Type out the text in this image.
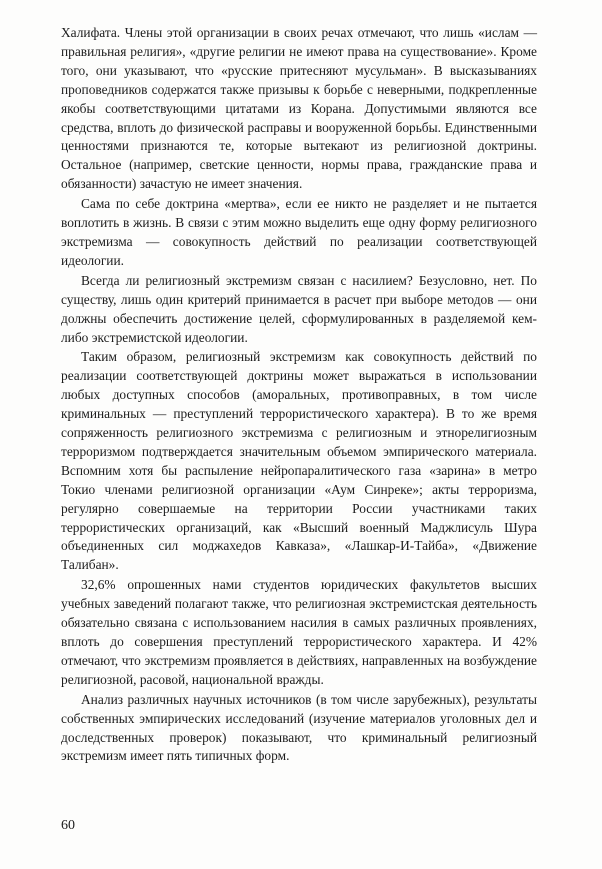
Халифата. Члены этой организации в своих речах отмечают, что лишь «ислам — правильная религия», «другие религии не имеют права на существование». Кроме того, они указывают, что «русские притесняют мусульман». В высказываниях проповедников содержатся также призывы к борьбе с неверными, подкрепленные якобы соответствующими цитатами из Корана. Допустимыми являются все средства, вплоть до физической расправы и вооруженной борьбы. Единственными ценностями признаются те, которые вытекают из религиозной доктрины. Остальное (например, светские ценности, нормы права, гражданские права и обязанности) зачастую не имеет значения.

Сама по себе доктрина «мертва», если ее никто не разделяет и не пытается воплотить в жизнь. В связи с этим можно выделить еще одну форму религиозного экстремизма — совокупность действий по реализации соответствующей идеологии.

Всегда ли религиозный экстремизм связан с насилием? Безусловно, нет. По существу, лишь один критерий принимается в расчет при выборе методов — они должны обеспечить достижение целей, сформулированных в разделяемой кем-либо экстремистской идеологии.

Таким образом, религиозный экстремизм как совокупность действий по реализации соответствующей доктрины может выражаться в использовании любых доступных способов (аморальных, противоправных, в том числе криминальных — преступлений террористического характера). В то же время сопряженность религиозного экстремизма с религиозным и этнорелигиозным терроризмом подтверждается значительным объемом эмпирического материала. Вспомним хотя бы распыление нейропаралитического газа «зарина» в метро Токио членами религиозной организации «Аум Синреке»; акты терроризма, регулярно совершаемые на территории России участниками таких террористических организаций, как «Высший военный Маджлисуль Шура объединенных сил моджахедов Кавказа», «Лашкар-И-Тайба», «Движение Талибан».

32,6% опрошенных нами студентов юридических факультетов высших учебных заведений полагают также, что религиозная экстремистская деятельность обязательно связана с использованием насилия в самых различных проявлениях, вплоть до совершения преступлений террористического характера. И 42% отмечают, что экстремизм проявляется в действиях, направленных на возбуждение религиозной, расовой, национальной вражды.

Анализ различных научных источников (в том числе зарубежных), результаты собственных эмпирических исследований (изучение материалов уголовных дел и доследственных проверок) показывают, что криминальный религиозный экстремизм имеет пять типичных форм.

60
